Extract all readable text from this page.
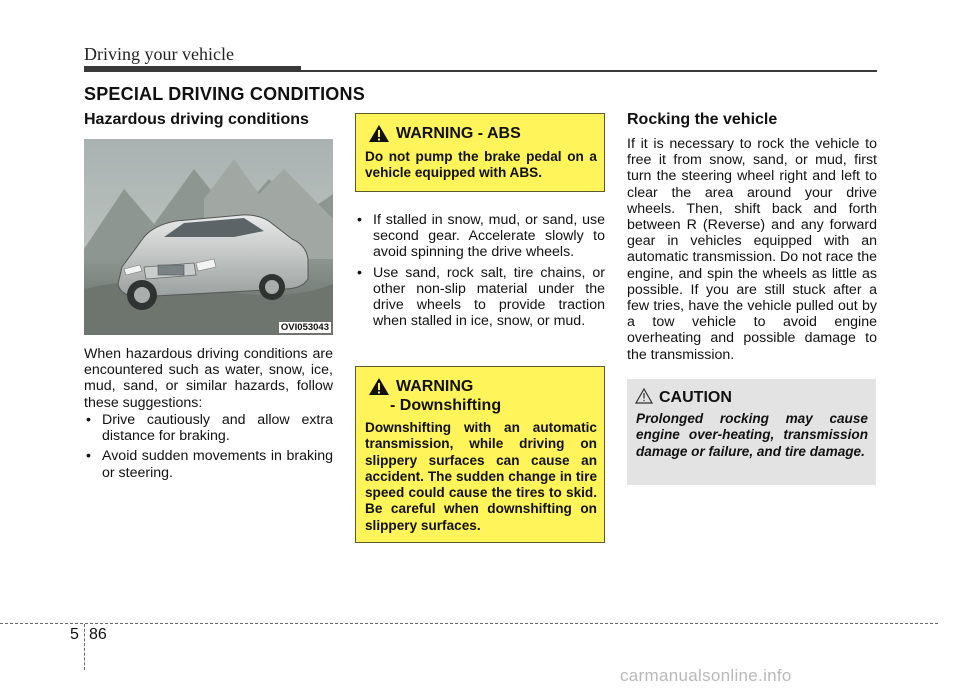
Driving your vehicle
SPECIAL DRIVING CONDITIONS
Hazardous driving conditions
OVI053043
When hazardous driving conditions are encountered such as water, snow, ice, mud, sand, or similar hazards, follow these suggestions:

• Drive cautiously and allow extra distance for braking.

• Avoid sudden movements in braking or steering.

WARNING - ABS
Do not pump the brake pedal on a vehicle equipped with ABS.

• If stalled in snow, mud, or sand, use second gear. Accelerate slowly to avoid spinning the drive wheels.

• Use sand, rock salt, tire chains, or other non-slip material under the drive wheels to provide traction when stalled in ice, snow, or mud.

WARNING
- Downshifting
Downshifting with an automatic transmission, while driving on slippery surfaces can cause an accident. The sudden change in tire speed could cause the tires to skid. Be careful when downshifting on slippery surfaces.
Rocking the vehicle
If it is necessary to rock the vehicle to free it from snow, sand, or mud, first turn the steering wheel right and left to clear the area around your drive wheels. Then, shift back and forth between R (Reverse) and any forward gear in vehicles equipped with an automatic transmission. Do not race the engine, and spin the wheels as little as possible. If you are still stuck after a few tries, have the vehicle pulled out by a tow vehicle to avoid engine overheating and possible damage to the transmission.
CAUTION
Prolonged rocking may cause engine over-heating, transmission damage or failure, and tire damage.
5 86
carmanualsonline.info
